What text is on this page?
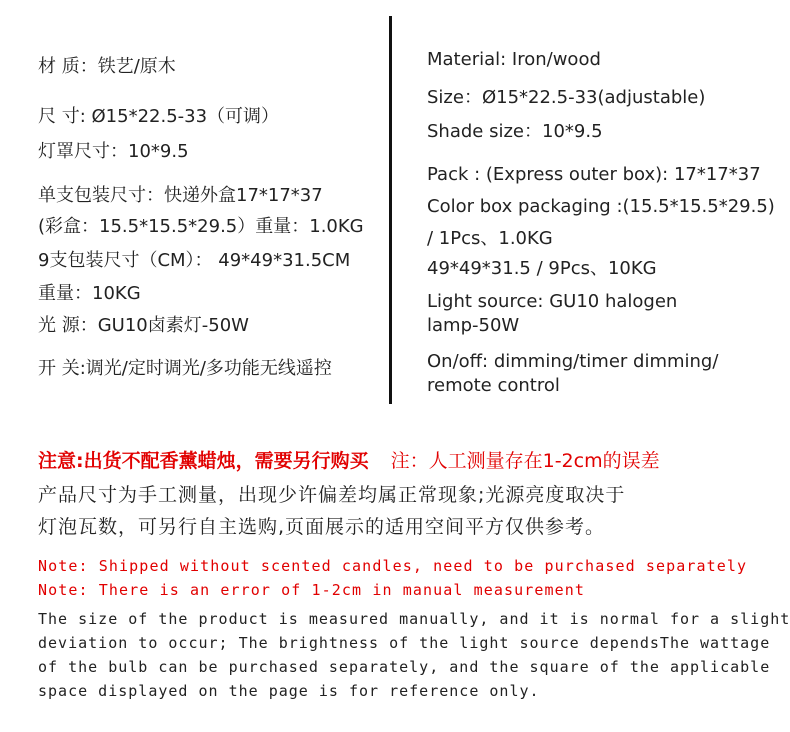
材 质：铁艺/原木
尺 寸: Ø15*22.5-33（可调）
灯罩尺寸：10*9.5
单支包装尺寸：快递外盒17*17*37
(彩盒：15.5*15.5*29.5）重量：1.0KG
9支包装尺寸（CM）： 49*49*31.5CM
重量：10KG
光 源：GU10卤素灯-50W
开 关:调光/定时调光/多功能无线遥控
Material: Iron/wood
Size：Ø15*22.5-33(adjustable)
Shade size：10*9.5
Pack : (Express outer box): 17*17*37
Color box packaging :(15.5*15.5*29.5)
/ 1Pcs、1.0KG
49*49*31.5 / 9Pcs、10KG
Light source: GU10 halogen
lamp-50W
On/off: dimming/timer dimming/
remote control
注意:出货不配香薰蜡烛，需要另行购买 注：人工测量存在1-2cm的误差
产品尺寸为手工测量，出现少许偏差均属正常现象;光源亮度取决于
灯泡瓦数，可另行自主选购,页面展示的适用空间平方仅供参考。
Note: Shipped without scented candles, need to be purchased separately
Note: There is an error of 1-2cm in manual measurement
The size of the product is measured manually, and it is normal for a slight
deviation to occur; The brightness of the light source dependsThe wattage
of the bulb can be purchased separately, and the square of the applicable
space displayed on the page is for reference only.
